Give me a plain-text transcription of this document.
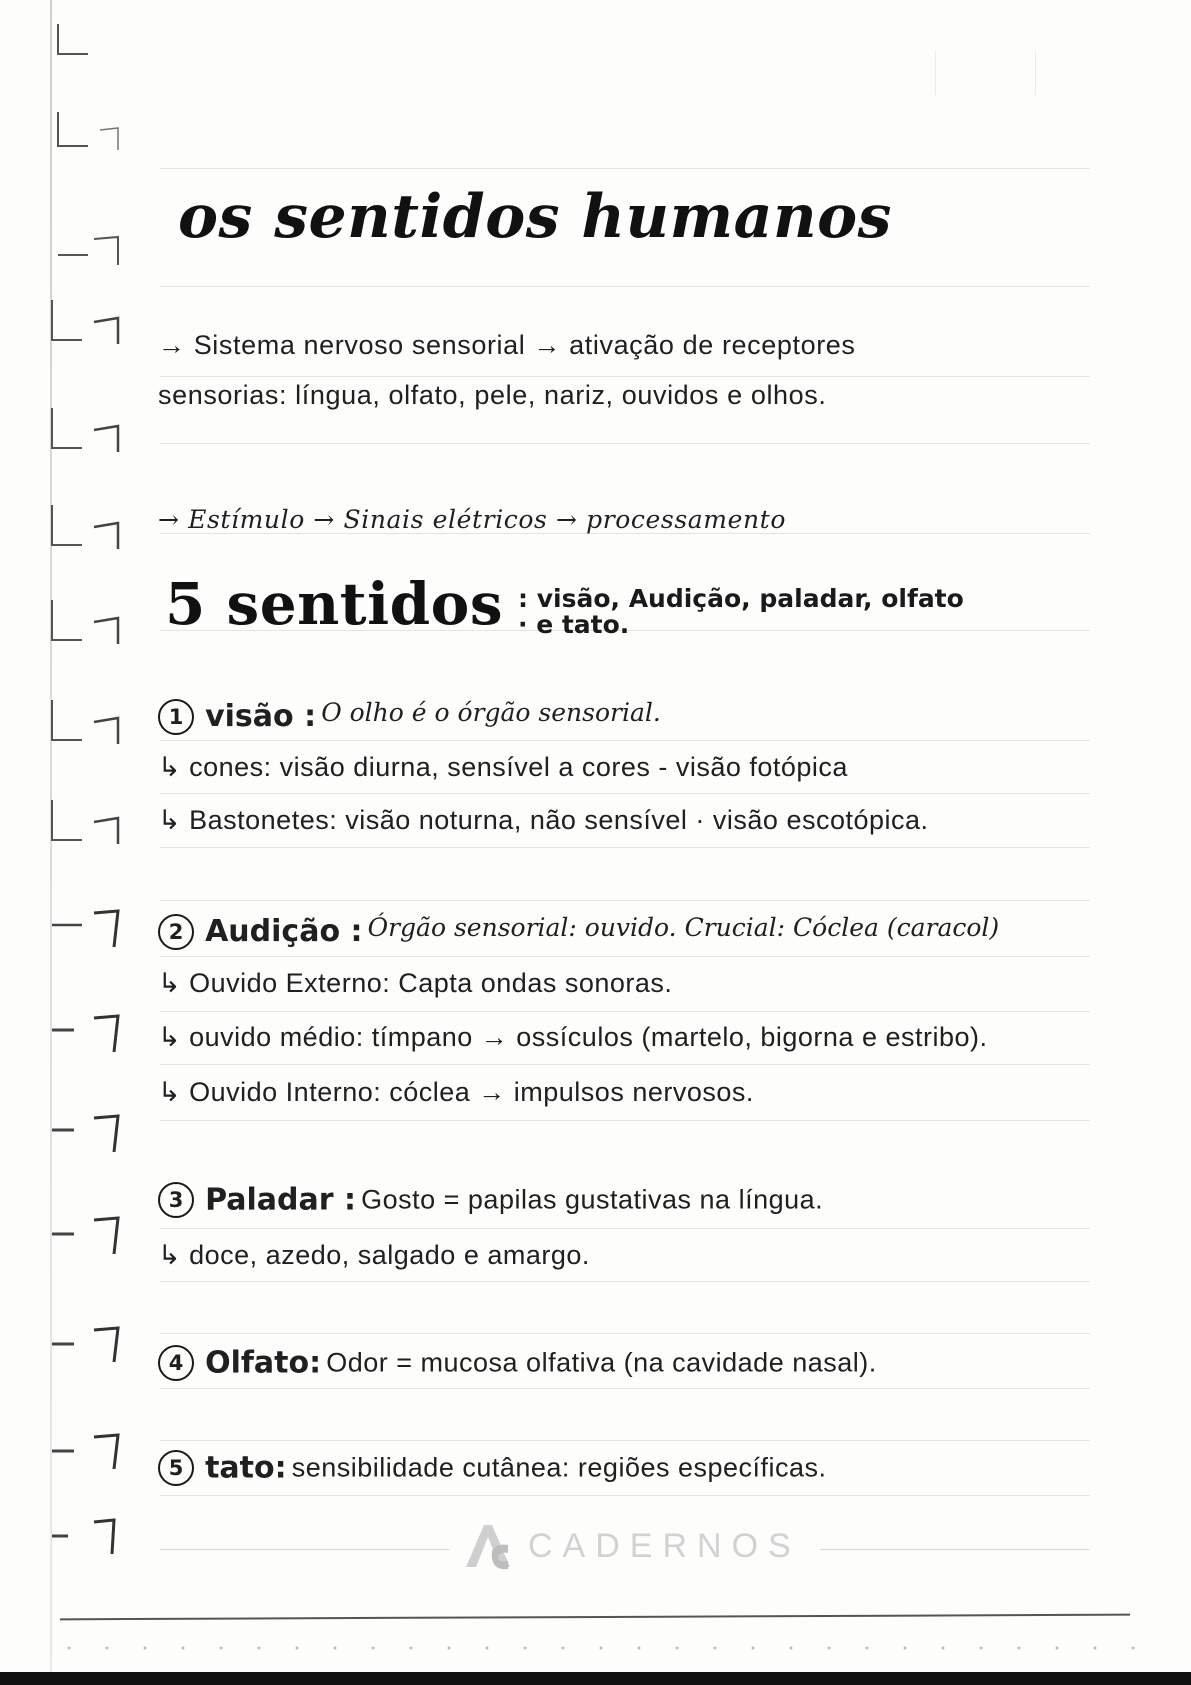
os sentidos humanos
→ Sistema nervoso sensorial → ativação de receptores
sensorias: língua, olfato, pele, nariz, ouvidos e olhos.
→ Estímulo → Sinais elétricos → processamento
5 sentidos : visão, Audição, paladar, olfato
· e tato.
1 visão : O olho é o órgão sensorial.
↳ cones: visão diurna, sensível a cores - visão fotópica
↳ Bastonetes: visão noturna, não sensível · visão escotópica.
2 Audição : Órgão sensorial: ouvido. Crucial: Cóclea (caracol)
↳ Ouvido Externo: Capta ondas sonoras.
↳ ouvido médio: tímpano → ossículos (martelo, bigorna e estribo).
↳ Ouvido Interno: cóclea → impulsos nervosos.
3 Paladar : Gosto = papilas gustativas na língua.
↳ doce, azedo, salgado e amargo.
4 Olfato: Odor = mucosa olfativa (na cavidade nasal).
5 tato: sensibilidade cutânea: regiões específicas.
CADERNOS
